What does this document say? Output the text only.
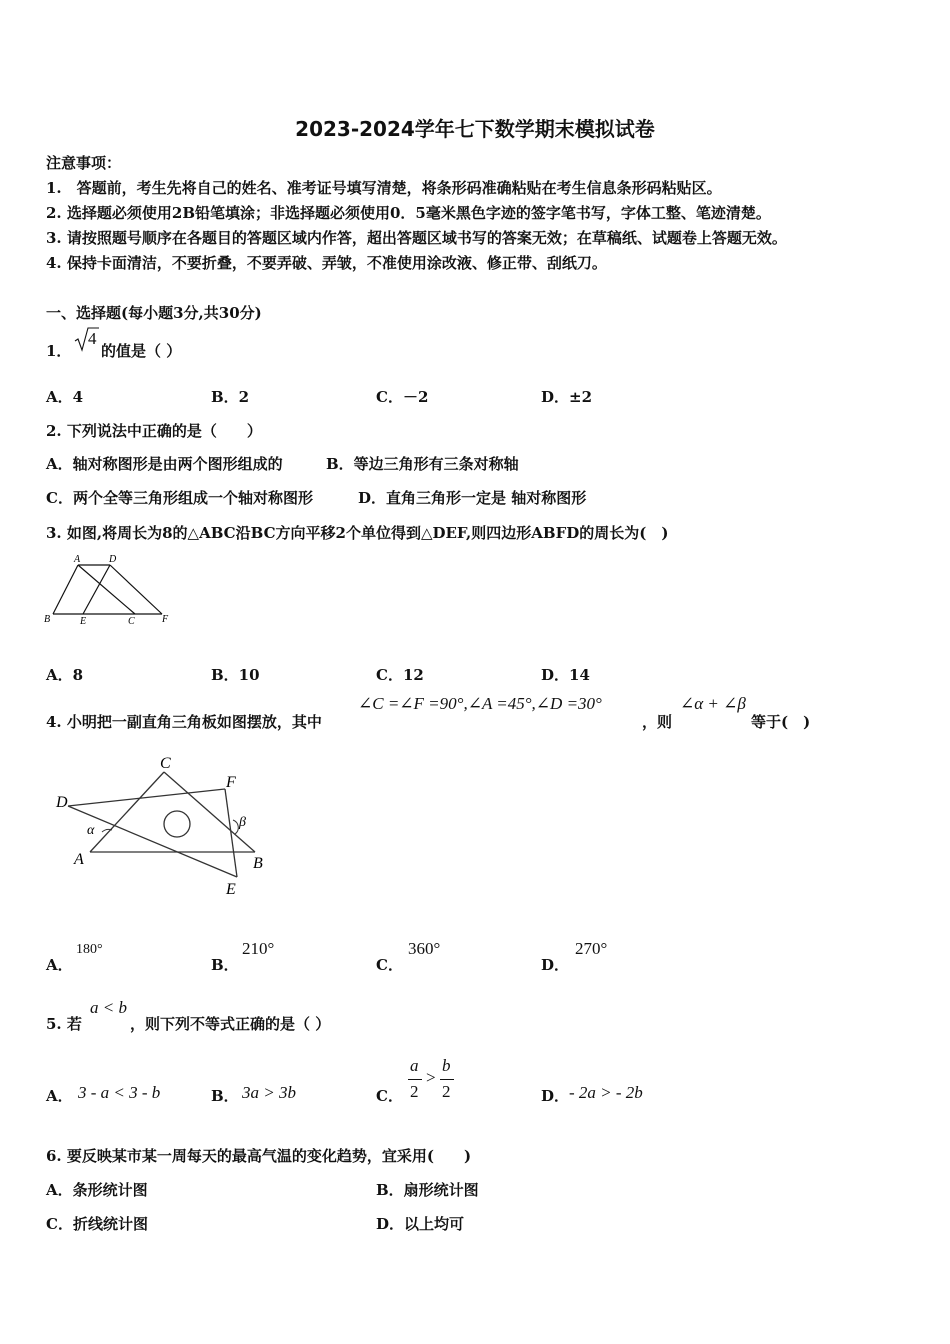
2023-2024学年七下数学期末模拟试卷
注意事项：
1.　答题前，考生先将自己的姓名、准考证号填写清楚，将条形码准确粘贴在考生信息条形码粘贴区。
2. 选择题必须使用2B铅笔填涂；非选择题必须使用0．5毫米黑色字迹的签字笔书写，字体工整、笔迹清楚。
3. 请按照题号顺序在各题目的答题区域内作答，超出答题区域书写的答案无效；在草稿纸、试题卷上答题无效。
4. 保持卡面清洁，不要折叠，不要弄破、弄皱，不准使用涂改液、修正带、刮纸刀。
一、选择题(每小题3分,共30分)
1．
4
的值是（ ）
A．4	B．2	C．－2	D．±2
2. 下列说法中正确的是（　　）
A．轴对称图形是由两个图形组成的	B．等边三角形有三条对称轴
C．两个全等三角形组成一个轴对称图形	D．直角三角形一定是 轴对称图形
3. 如图,将周长为8的△ABC沿BC方向平移2个单位得到△DEF,则四边形ABFD的周长为(　)
A	D
B	E	C	F
A．8	B．10	C．12	D．14
4. 小明把一副直角三角板如图摆放，其中
∠C =∠F =90°,∠A =45°,∠D =30°
，则
∠α + ∠β
等于(　)
C
F
D
α
β
A	B
E
A．
180°
B．
210°
C．
360°
D．
270°
5. 若
a < b
，则下列不等式正确的是（ ）
A． 3 - a < 3 - b	B． 3a > 3b	C．
a
2
>
b
2	D． - 2a > - 2b
6. 要反映某市某一周每天的最高气温的变化趋势，宜采用(　　)
A．条形统计图	B．扇形统计图
C．折线统计图	D．以上均可
